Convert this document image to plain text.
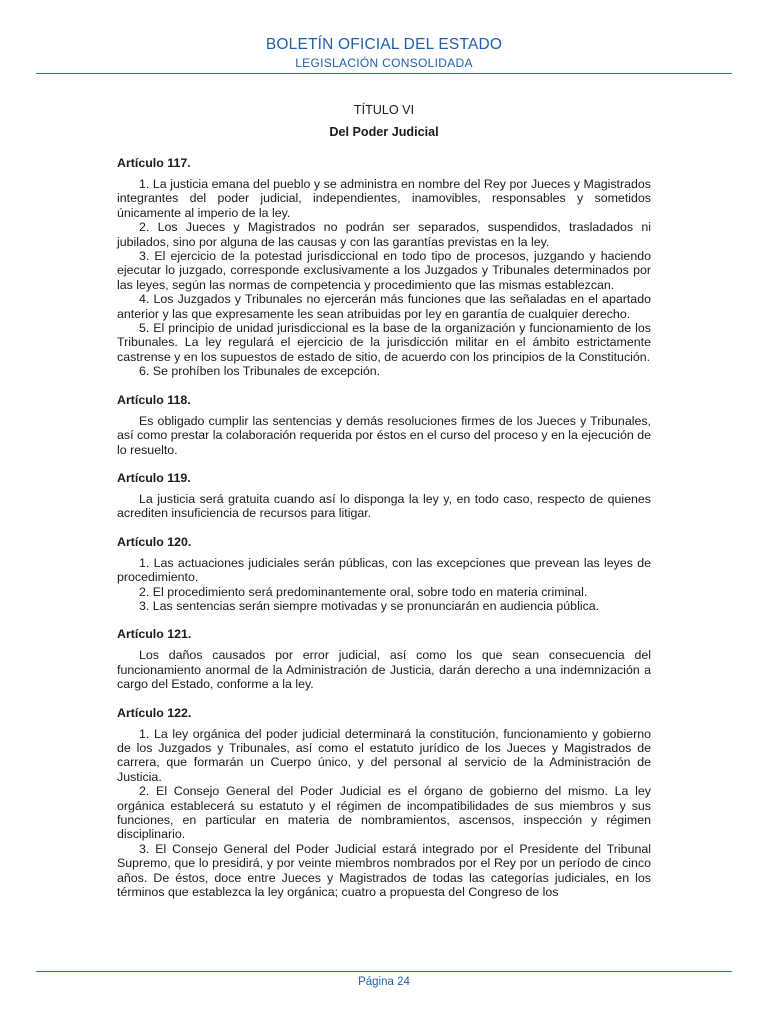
BOLETÍN OFICIAL DEL ESTADO
LEGISLACIÓN CONSOLIDADA

TÍTULO VI

Del Poder Judicial

Artículo 117.

1. La justicia emana del pueblo y se administra en nombre del Rey por Jueces y Magistrados integrantes del poder judicial, independientes, inamovibles, responsables y sometidos únicamente al imperio de la ley.

2. Los Jueces y Magistrados no podrán ser separados, suspendidos, trasladados ni jubilados, sino por alguna de las causas y con las garantías previstas en la ley.

3. El ejercicio de la potestad jurisdiccional en todo tipo de procesos, juzgando y haciendo ejecutar lo juzgado, corresponde exclusivamente a los Juzgados y Tribunales determinados por las leyes, según las normas de competencia y procedimiento que las mismas establezcan.

4. Los Juzgados y Tribunales no ejercerán más funciones que las señaladas en el apartado anterior y las que expresamente les sean atribuidas por ley en garantía de cualquier derecho.

5. El principio de unidad jurisdiccional es la base de la organización y funcionamiento de los Tribunales. La ley regulará el ejercicio de la jurisdicción militar en el ámbito estrictamente castrense y en los supuestos de estado de sitio, de acuerdo con los principios de la Constitución.

6. Se prohíben los Tribunales de excepción.

Artículo 118.

Es obligado cumplir las sentencias y demás resoluciones firmes de los Jueces y Tribunales, así como prestar la colaboración requerida por éstos en el curso del proceso y en la ejecución de lo resuelto.

Artículo 119.

La justicia será gratuita cuando así lo disponga la ley y, en todo caso, respecto de quienes acrediten insuficiencia de recursos para litigar.

Artículo 120.

1. Las actuaciones judiciales serán públicas, con las excepciones que prevean las leyes de procedimiento.

2. El procedimiento será predominantemente oral, sobre todo en materia criminal.

3. Las sentencias serán siempre motivadas y se pronunciarán en audiencia pública.

Artículo 121.

Los daños causados por error judicial, así como los que sean consecuencia del funcionamiento anormal de la Administración de Justicia, darán derecho a una indemnización a cargo del Estado, conforme a la ley.

Artículo 122.

1. La ley orgánica del poder judicial determinará la constitución, funcionamiento y gobierno de los Juzgados y Tribunales, así como el estatuto jurídico de los Jueces y Magistrados de carrera, que formarán un Cuerpo único, y del personal al servicio de la Administración de Justicia.

2. El Consejo General del Poder Judicial es el órgano de gobierno del mismo. La ley orgánica establecerá su estatuto y el régimen de incompatibilidades de sus miembros y sus funciones, en particular en materia de nombramientos, ascensos, inspección y régimen disciplinario.

3. El Consejo General del Poder Judicial estará integrado por el Presidente del Tribunal Supremo, que lo presidirá, y por veinte miembros nombrados por el Rey por un período de cinco años. De éstos, doce entre Jueces y Magistrados de todas las categorías judiciales, en los términos que establezca la ley orgánica; cuatro a propuesta del Congreso de los

Página 24
